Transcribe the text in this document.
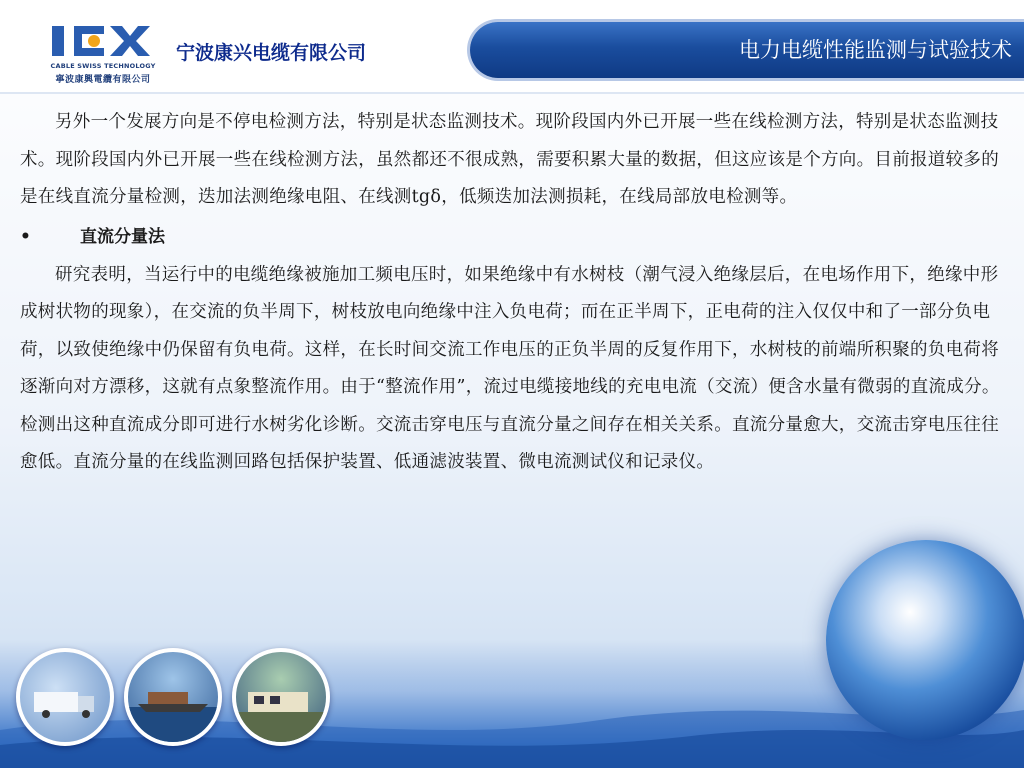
CABLE SWISS TECHNOLOGY
寧波康興電纜有限公司
宁波康兴电缆有限公司	电力电缆性能监测与试验技术

另外一个发展方向是不停电检测方法，特别是状态监测技术。现阶段国内外已开展一些在线检测方法，特别是状态监测技术。现阶段国内外已开展一些在线检测方法，虽然都还不很成熟，需要积累大量的数据，但这应该是个方向。目前报道较多的是在线直流分量检测，迭加法测绝缘电阻、在线测tgδ，低频迭加法测损耗，在线局部放电检测等。

•	直流分量法

研究表明，当运行中的电缆绝缘被施加工频电压时，如果绝缘中有水树枝（潮气浸入绝缘层后，在电场作用下，绝缘中形成树状物的现象），在交流的负半周下，树枝放电向绝缘中注入负电荷；而在正半周下，正电荷的注入仅仅中和了一部分负电荷，以致使绝缘中仍保留有负电荷。这样，在长时间交流工作电压的正负半周的反复作用下，水树枝的前端所积聚的负电荷将逐渐向对方漂移，这就有点象整流作用。由于“整流作用”，流过电缆接地线的充电电流（交流）便含水量有微弱的直流成分。检测出这种直流成分即可进行水树劣化诊断。交流击穿电压与直流分量之间存在相关关系。直流分量愈大，交流击穿电压往往愈低。直流分量的在线监测回路包括保护装置、低通滤波装置、微电流测试仪和记录仪。
